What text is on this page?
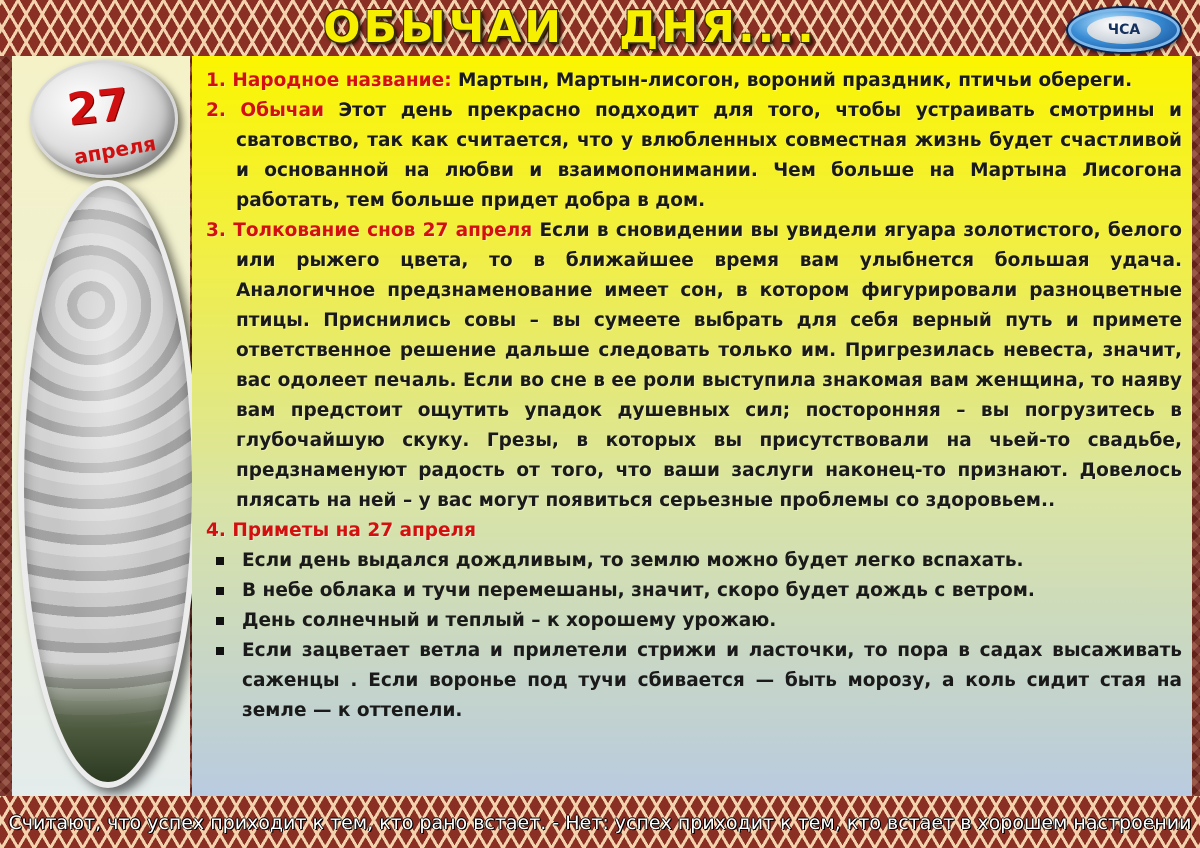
ОБЫЧАИ   ДНЯ....	ЧСА
27
апреля

1. Народное название: Мартын, Мартын-лисогон, вороний праздник, птичьи обереги.

2. Обычаи Этот день прекрасно подходит для того, чтобы устраивать смотрины и сватовство, так как считается, что у влюбленных совместная жизнь будет счастливой и основанной на любви и взаимопонимании. Чем больше на Мартына Лисогона работать, тем больше придет добра в дом.

3. Толкование снов 27 апреля Если в сновидении вы увидели ягуара золотистого, белого или рыжего цвета, то в ближайшее время вам улыбнется большая удача. Аналогичное предзнаменование имеет сон, в котором фигурировали разноцветные птицы. Приснились совы – вы сумеете выбрать для себя верный путь и примете ответственное решение дальше следовать только им. Пригрезилась невеста, значит, вас одолеет печаль. Если во сне в ее роли выступила знакомая вам женщина, то наяву вам предстоит ощутить упадок душевных сил; посторонняя – вы погрузитесь в глубочайшую скуку. Грезы, в которых вы присутствовали на чьей-то свадьбе, предзнаменуют радость от того, что ваши заслуги наконец-то признают. Довелось плясать на ней – у вас могут появиться серьезные проблемы со здоровьем..

4. Приметы на 27 апреля

Если день выдался дождливым, то землю можно будет легко вспахать.
В небе облака и тучи перемешаны, значит, скоро будет дождь с ветром.
День солнечный и теплый – к хорошему урожаю.
Если зацветает ветла и прилетели стрижи и ласточки, то пора в садах высаживать саженцы . Если воронье под тучи сбивается — быть морозу, а коль сидит стая на земле — к оттепели.
Считают, что успех приходит к тем, кто рано встает. - Нет: успех приходит к тем, кто встает в хорошем настроении
